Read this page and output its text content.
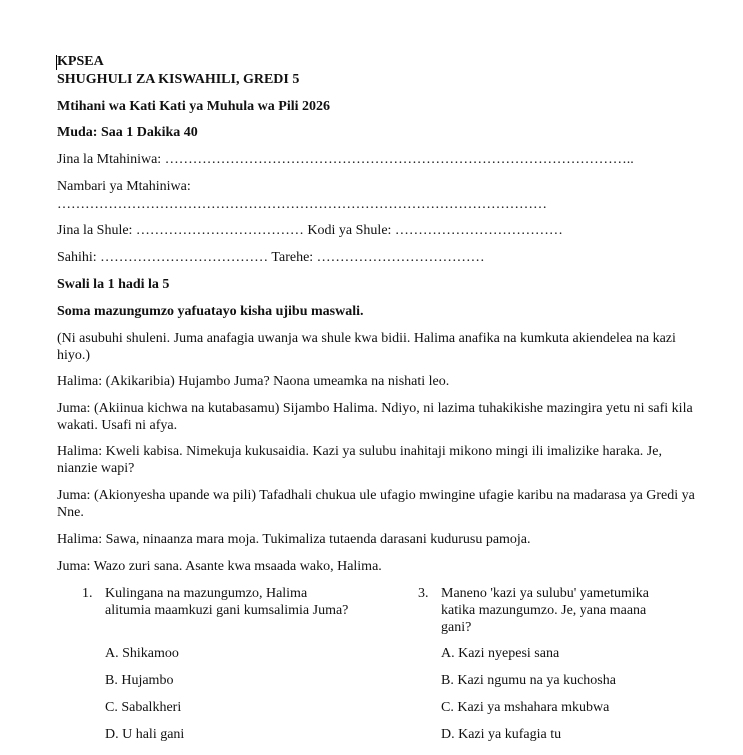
KPSEA
SHUGHULI ZA KISWAHILI, GREDI 5
Mtihani wa Kati Kati ya Muhula wa Pili 2026
Muda: Saa 1 Dakika 40
Jina la Mtahiniwa: ………………………………………………………………………………………..
Nambari ya Mtahiniwa:
……………………………………………………………………………………………
Jina la Shule: ……………………………… Kodi ya Shule: ………………………………
Sahihi: ……………………………… Tarehe: ………………………………
Swali la 1 hadi la 5
Soma mazungumzo yafuatayo kisha ujibu maswali.
(Ni asubuhi shuleni. Juma anafagia uwanja wa shule kwa bidii. Halima anafika na kumkuta akiendelea na kazi hiyo.)
Halima: (Akikaribia) Hujambo Juma? Naona umeamka na nishati leo.
Juma: (Akiinua kichwa na kutabasamu) Sijambo Halima. Ndiyo, ni lazima tuhakikishe mazingira yetu ni safi kila wakati. Usafi ni afya.
Halima: Kweli kabisa. Nimekuja kukusaidia. Kazi ya sulubu inahitaji mikono mingi ili imalizike haraka. Je, nianzie wapi?
Juma: (Akionyesha upande wa pili) Tafadhali chukua ule ufagio mwingine ufagie karibu na madarasa ya Gredi ya Nne.
Halima: Sawa, ninaanza mara moja. Tukimaliza tutaenda darasani kudurusu pamoja.
Juma: Wazo zuri sana. Asante kwa msaada wako, Halima.
1. Kulingana na mazungumzo, Halima alitumia maamkuzi gani kumsalimia Juma?
A. Shikamoo
B. Hujambo
C. Sabalkheri
D. U hali gani
3. Maneno 'kazi ya sulubu' yametumika katika mazungumzo. Je, yana maana gani?
A. Kazi nyepesi sana
B. Kazi ngumu na ya kuchosha
C. Kazi ya mshahara mkubwa
D. Kazi ya kufagia tu
